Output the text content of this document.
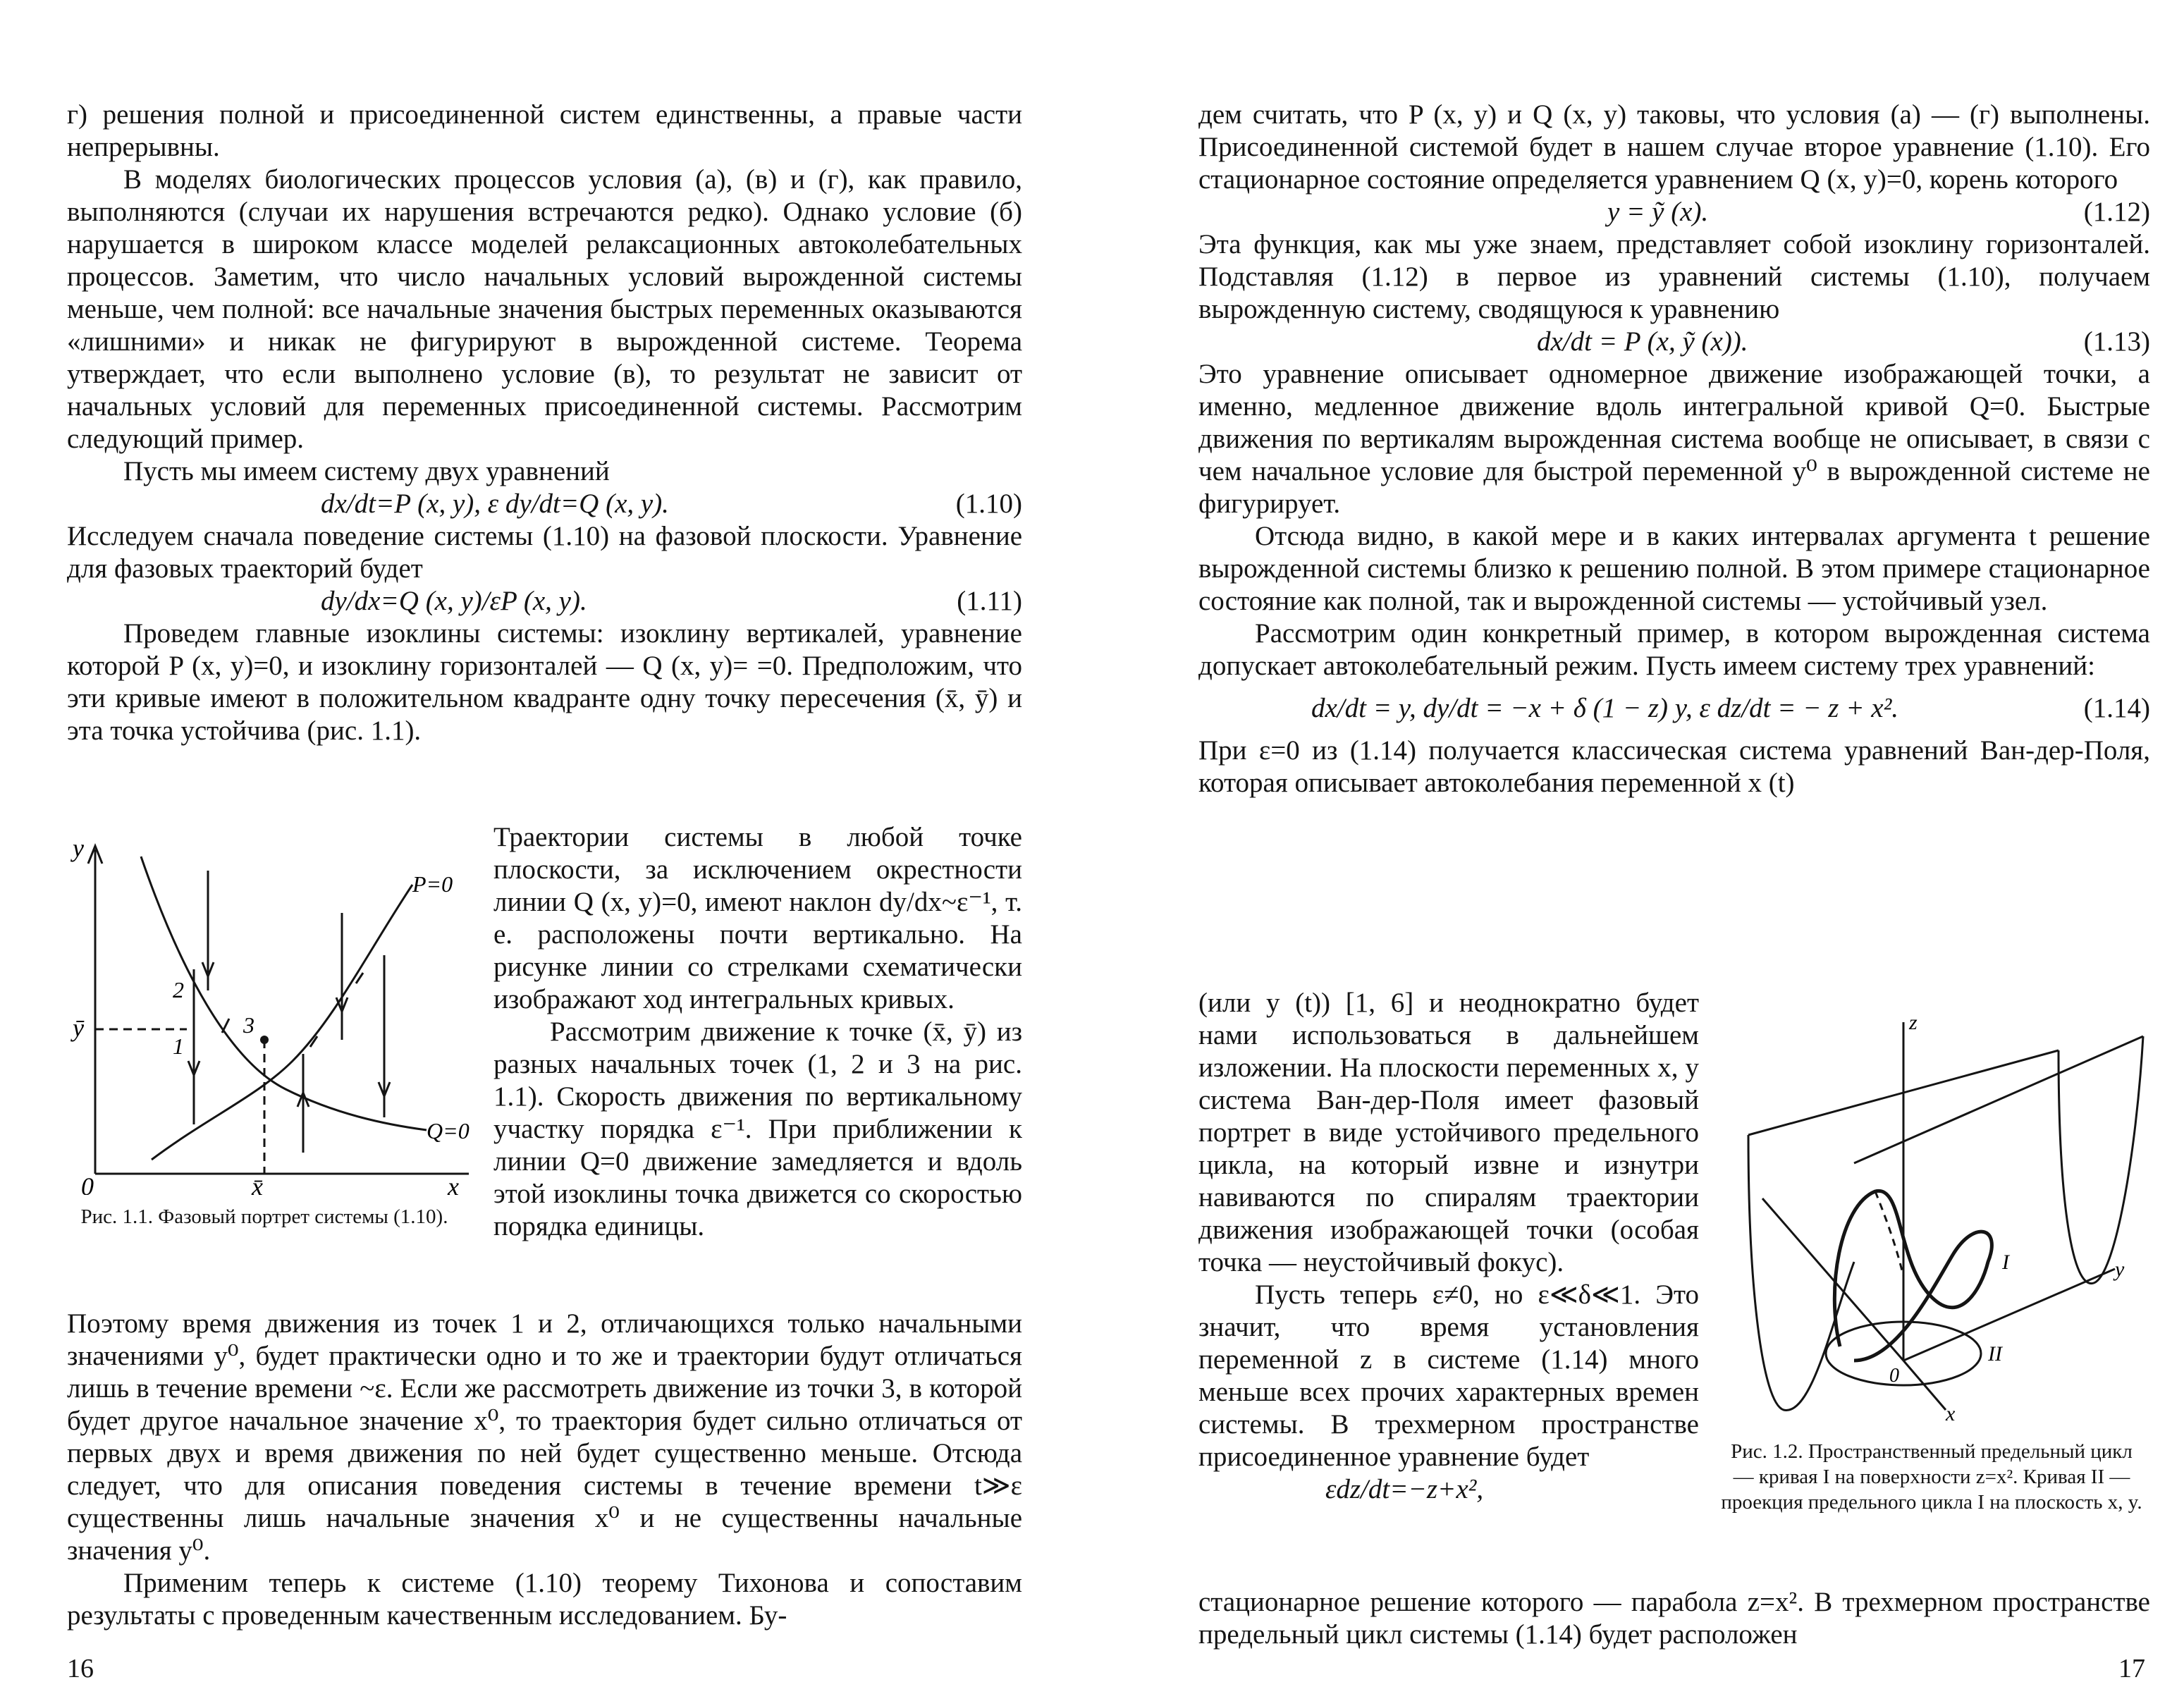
г) решения полной и присоединенной систем единственны, а правые части непрерывны.

В моделях биологических процессов условия (а), (в) и (г), как правило, выполняются (случаи их нарушения встречаются редко). Однако условие (б) нарушается в широком классе моделей релаксационных автоколебательных процессов. Заметим, что число начальных условий вырожденной системы меньше, чем полной: все начальные значения быстрых переменных оказываются «лишними» и никак не фигурируют в вырожденной системе. Теорема утверждает, что если выполнено условие (в), то результат не зависит от начальных условий для переменных присоединенной системы. Рассмотрим следующий пример.

Пусть мы имеем систему двух уравнений

dx/dt=P (x, y), ε dy/dt=Q (x, y).	(1.10)

Исследуем сначала поведение системы (1.10) на фазовой плоскости. Уравнение для фазовых траекторий будет

dy/dx=Q (x, y)/εP (x, y).	(1.11)

Проведем главные изоклины системы: изоклину вертикалей, уравнение которой P (x, y)=0, и изоклину горизонталей — Q (x, y)= =0. Предположим, что эти кривые имеют в положительном квадранте одну точку пересечения (x̄, ȳ) и эта точка устойчива (рис. 1.1).

y
ȳ
0	x̄	x
P=0
Q=0
2
1
3

Рис. 1.1. Фазовый портрет системы (1.10).

Траектории системы в любой точке плоскости, за исключением окрестности линии Q (x, y)=0, имеют наклон dy/dx~ε⁻¹, т. е. расположены почти вертикально. На рисунке линии со стрелками схематически изображают ход интегральных кривых.

Рассмотрим движение к точке (x̄, ȳ) из разных начальных точек (1, 2 и 3 на рис. 1.1). Скорость движения по вертикальному участку порядка ε⁻¹. При приближении к линии Q=0 движение замедляется и вдоль этой изоклины точка движется со скоростью порядка единицы.

Поэтому время движения из точек 1 и 2, отличающихся только начальными значениями y⁰, будет практически одно и то же и траектории будут отличаться лишь в течение времени ~ε. Если же рассмотреть движение из точки 3, в которой будет другое начальное значение x⁰, то траектория будет сильно отличаться от первых двух и время движения по ней будет существенно меньше. Отсюда следует, что для описания поведения системы в течение времени t≫ε существенны лишь начальные значения x⁰ и не существенны начальные значения y⁰.

Применим теперь к системе (1.10) теорему Тихонова и сопоставим результаты с проведенным качественным исследованием. Бу-

16

дем считать, что P (x, y) и Q (x, y) таковы, что условия (а) — (г) выполнены. Присоединенной системой будет в нашем случае второе уравнение (1.10). Его стационарное состояние определяется уравнением Q (x, y)=0, корень которого

y = ỹ (x).	(1.12)

Эта функция, как мы уже знаем, представляет собой изоклину горизонталей. Подставляя (1.12) в первое из уравнений системы (1.10), получаем вырожденную систему, сводящуюся к уравнению

dx/dt = P (x, ỹ (x)).	(1.13)

Это уравнение описывает одномерное движение изображающей точки, а именно, медленное движение вдоль интегральной кривой Q=0. Быстрые движения по вертикалям вырожденная система вообще не описывает, в связи с чем начальное условие для быстрой переменной y⁰ в вырожденной системе не фигурирует.

Отсюда видно, в какой мере и в каких интервалах аргумента t решение вырожденной системы близко к решению полной. В этом примере стационарное состояние как полной, так и вырожденной системы — устойчивый узел.

Рассмотрим один конкретный пример, в котором вырожденная система допускает автоколебательный режим. Пусть имеем систему трех уравнений:

dx/dt = y, dy/dt = −x + δ (1 − z) y, ε dz/dt = − z + x².	(1.14)

При ε=0 из (1.14) получается классическая система уравнений Ван-дер-Поля, которая описывает автоколебания переменной x (t)

(или y (t)) [1, 6] и неоднократно будет нами использоваться в дальнейшем изложении. На плоскости переменных x, y система Ван-дер-Поля имеет фазовый портрет в виде устойчивого предельного цикла, на который извне и изнутри навиваются по спиралям траектории движения изображающей точки (особая точка — неустойчивый фокус).

Пусть теперь ε≠0, но ε≪δ≪1. Это значит, что время установления переменной z в системе (1.14) много меньше всех прочих характерных времен системы. В трехмерном пространстве присоединенное уравнение будет

εdz/dt=−z+x²,
z
y
x
0
I
II

Рис. 1.2. Пространственный предельный цикл — кривая I на поверхности z=x². Кривая II — проекция предельного цикла I на плоскость x, y.

стационарное решение которого — парабола z=x². В трехмерном пространстве предельный цикл системы (1.14) будет расположен

17
